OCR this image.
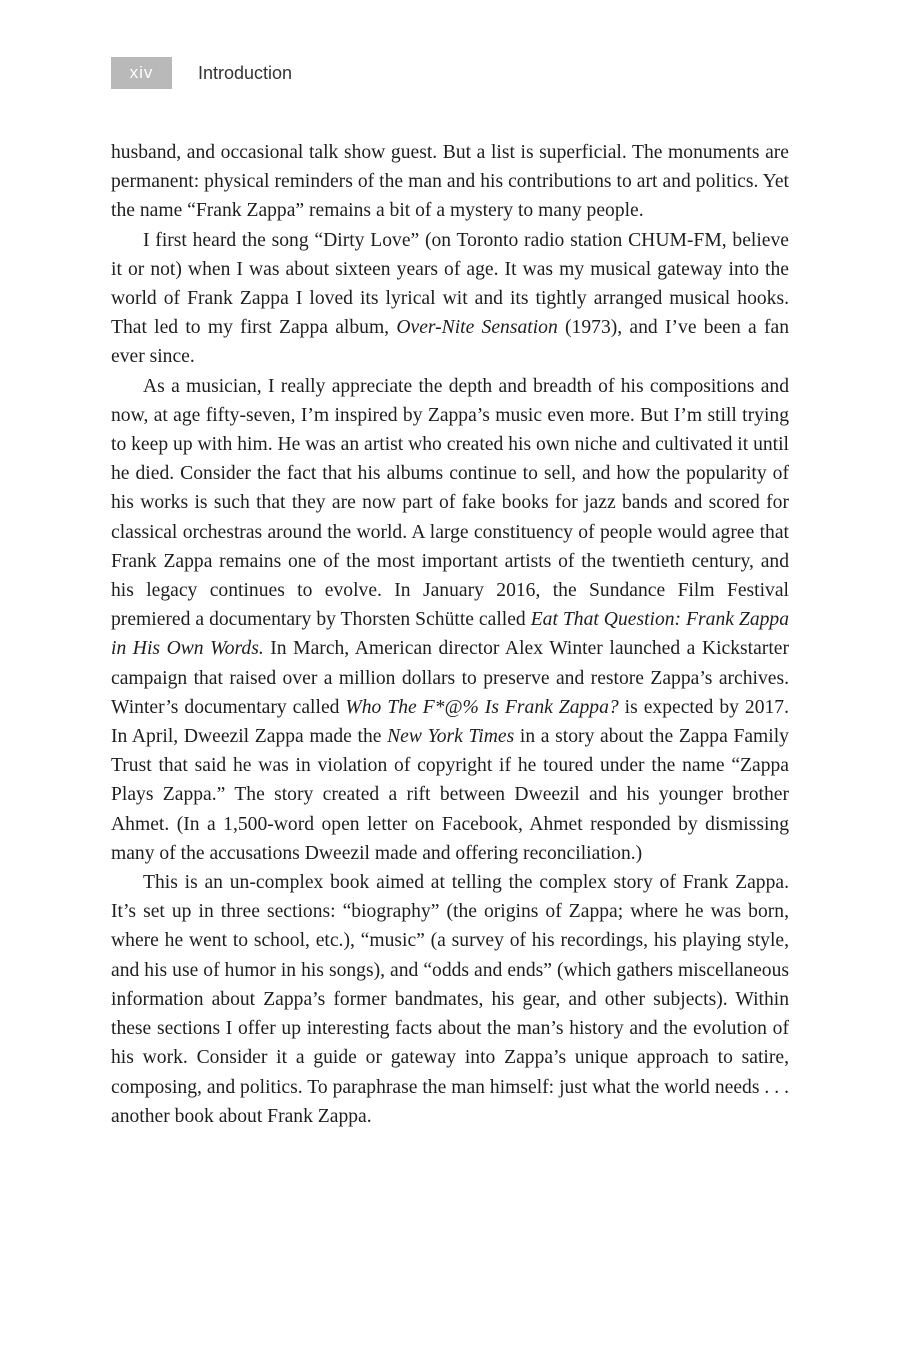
xiv	Introduction

husband, and occasional talk show guest. But a list is superficial. The monuments are permanent: physical reminders of the man and his contributions to art and politics. Yet the name “Frank Zappa” remains a bit of a mystery to many people.

I first heard the song “Dirty Love” (on Toronto radio station CHUM-FM, believe it or not) when I was about sixteen years of age. It was my musical gateway into the world of Frank Zappa I loved its lyrical wit and its tightly arranged musical hooks. That led to my first Zappa album, Over-Nite Sensation (1973), and I’ve been a fan ever since.

As a musician, I really appreciate the depth and breadth of his compositions and now, at age fifty-seven, I’m inspired by Zappa’s music even more. But I’m still trying to keep up with him. He was an artist who created his own niche and cultivated it until he died. Consider the fact that his albums continue to sell, and how the popularity of his works is such that they are now part of fake books for jazz bands and scored for classical orchestras around the world. A large constituency of people would agree that Frank Zappa remains one of the most important artists of the twentieth century, and his legacy continues to evolve. In January 2016, the Sundance Film Festival premiered a documentary by Thorsten Schütte called Eat That Question: Frank Zappa in His Own Words. In March, American director Alex Winter launched a Kickstarter campaign that raised over a million dollars to preserve and restore Zappa’s archives. Winter’s documentary called Who The F*@% Is Frank Zappa? is expected by 2017. In April, Dweezil Zappa made the New York Times in a story about the Zappa Family Trust that said he was in violation of copyright if he toured under the name “Zappa Plays Zappa.” The story created a rift between Dweezil and his younger brother Ahmet. (In a 1,500-word open letter on Facebook, Ahmet responded by dismissing many of the accusations Dweezil made and offering reconciliation.)

This is an un-complex book aimed at telling the complex story of Frank Zappa. It’s set up in three sections: “biography” (the origins of Zappa; where he was born, where he went to school, etc.), “music” (a survey of his recordings, his playing style, and his use of humor in his songs), and “odds and ends” (which gathers miscellaneous information about Zappa’s former bandmates, his gear, and other subjects). Within these sections I offer up interesting facts about the man’s history and the evolution of his work. Consider it a guide or gateway into Zappa’s unique approach to satire, composing, and politics. To paraphrase the man himself: just what the world needs . . . another book about Frank Zappa.
